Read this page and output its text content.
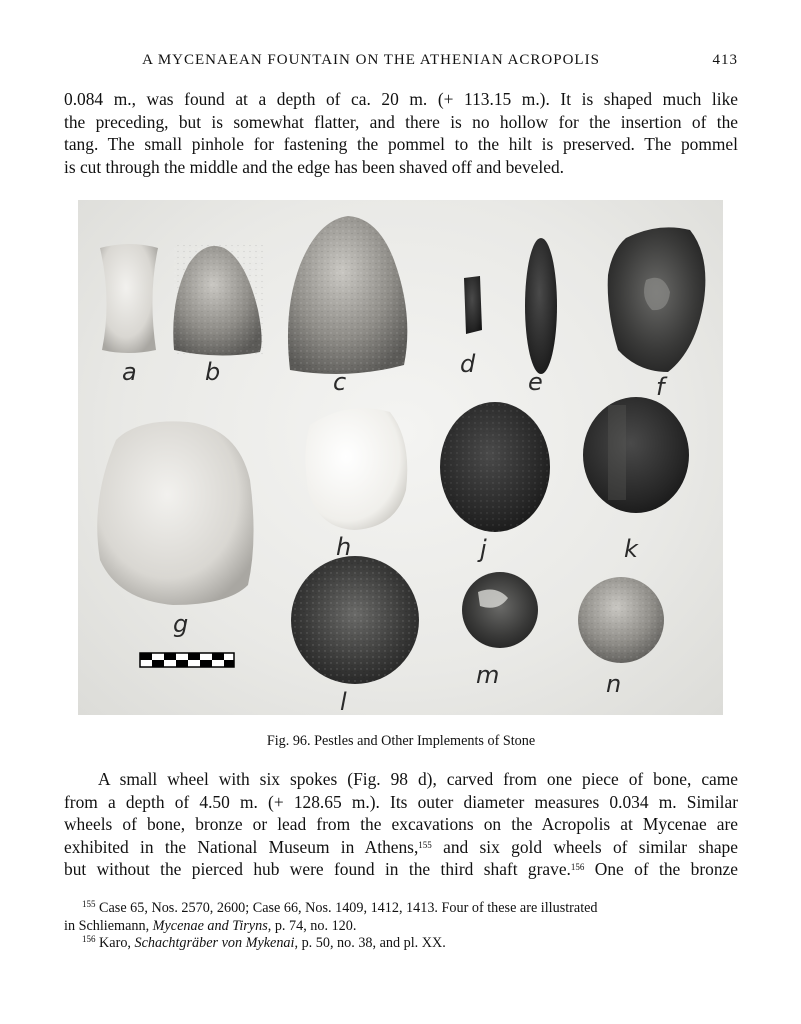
A MYCENAEAN FOUNTAIN ON THE ATHENIAN ACROPOLIS	413

0.084 m., was found at a depth of ca. 20 m. (+ 113.15 m.). It is shaped much like
the preceding, but is somewhat flatter, and there is no hollow for the insertion of the
tang. The small pinhole for fastening the pommel to the hilt is preserved. The pommel
is cut through the middle and the edge has been shaved off and beveled.

a	b	c
d
e	f
g
h	j	k
l
m	n
Fig. 96. Pestles and Other Implements of Stone

A small wheel with six spokes (Fig. 98 d), carved from one piece of bone, came
from a depth of 4.50 m. (+ 128.65 m.). Its outer diameter measures 0.034 m. Similar
wheels of bone, bronze or lead from the excavations on the Acropolis at Mycenae are
exhibited in the National Museum in Athens,$^{155}$ and six gold wheels of similar shape
but without the pierced hub were found in the third shaft grave.$^{156}$ One of the bronze

$^{155}$ Case 65, Nos. 2570, 2600; Case 66, Nos. 1409, 1412, 1413. Four of these are illustrated
in Schliemann, Mycenae and Tiryns, p. 74, no. 120.
$^{156}$ Karo, Schachtgräber von Mykenai, p. 50, no. 38, and pl. XX.
